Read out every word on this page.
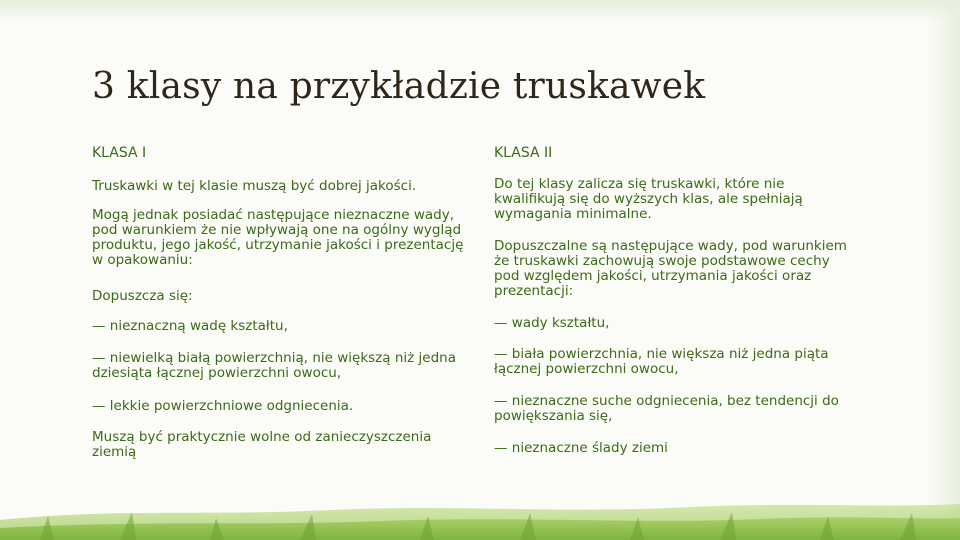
3 klasy na przykładzie truskawek

KLASA I

Truskawki w tej klasie muszą być dobrej jakości.

Mogą jednak posiadać następujące nieznaczne wady, pod warunkiem że nie wpływają one na ogólny wygląd produktu, jego jakość, utrzymanie jakości i prezentację w opakowaniu:

Dopuszcza się:

— nieznaczną wadę kształtu,

— niewielką białą powierzchnią, nie większą niż jedna dziesiąta łącznej powierzchni owocu,

— lekkie powierzchniowe odgniecenia.

Muszą być praktycznie wolne od zanieczyszczenia ziemią

KLASA II

Do tej klasy zalicza się truskawki, które nie kwalifikują się do wyższych klas, ale spełniają wymagania minimalne.

Dopuszczalne są następujące wady, pod warunkiem że truskawki zachowują swoje podstawowe cechy pod względem jakości, utrzymania jakości oraz prezentacji:

— wady kształtu,

— biała powierzchnia, nie większa niż jedna piąta łącznej powierzchni owocu,

— nieznaczne suche odgniecenia, bez tendencji do powiększania się,

— nieznaczne ślady ziemi
